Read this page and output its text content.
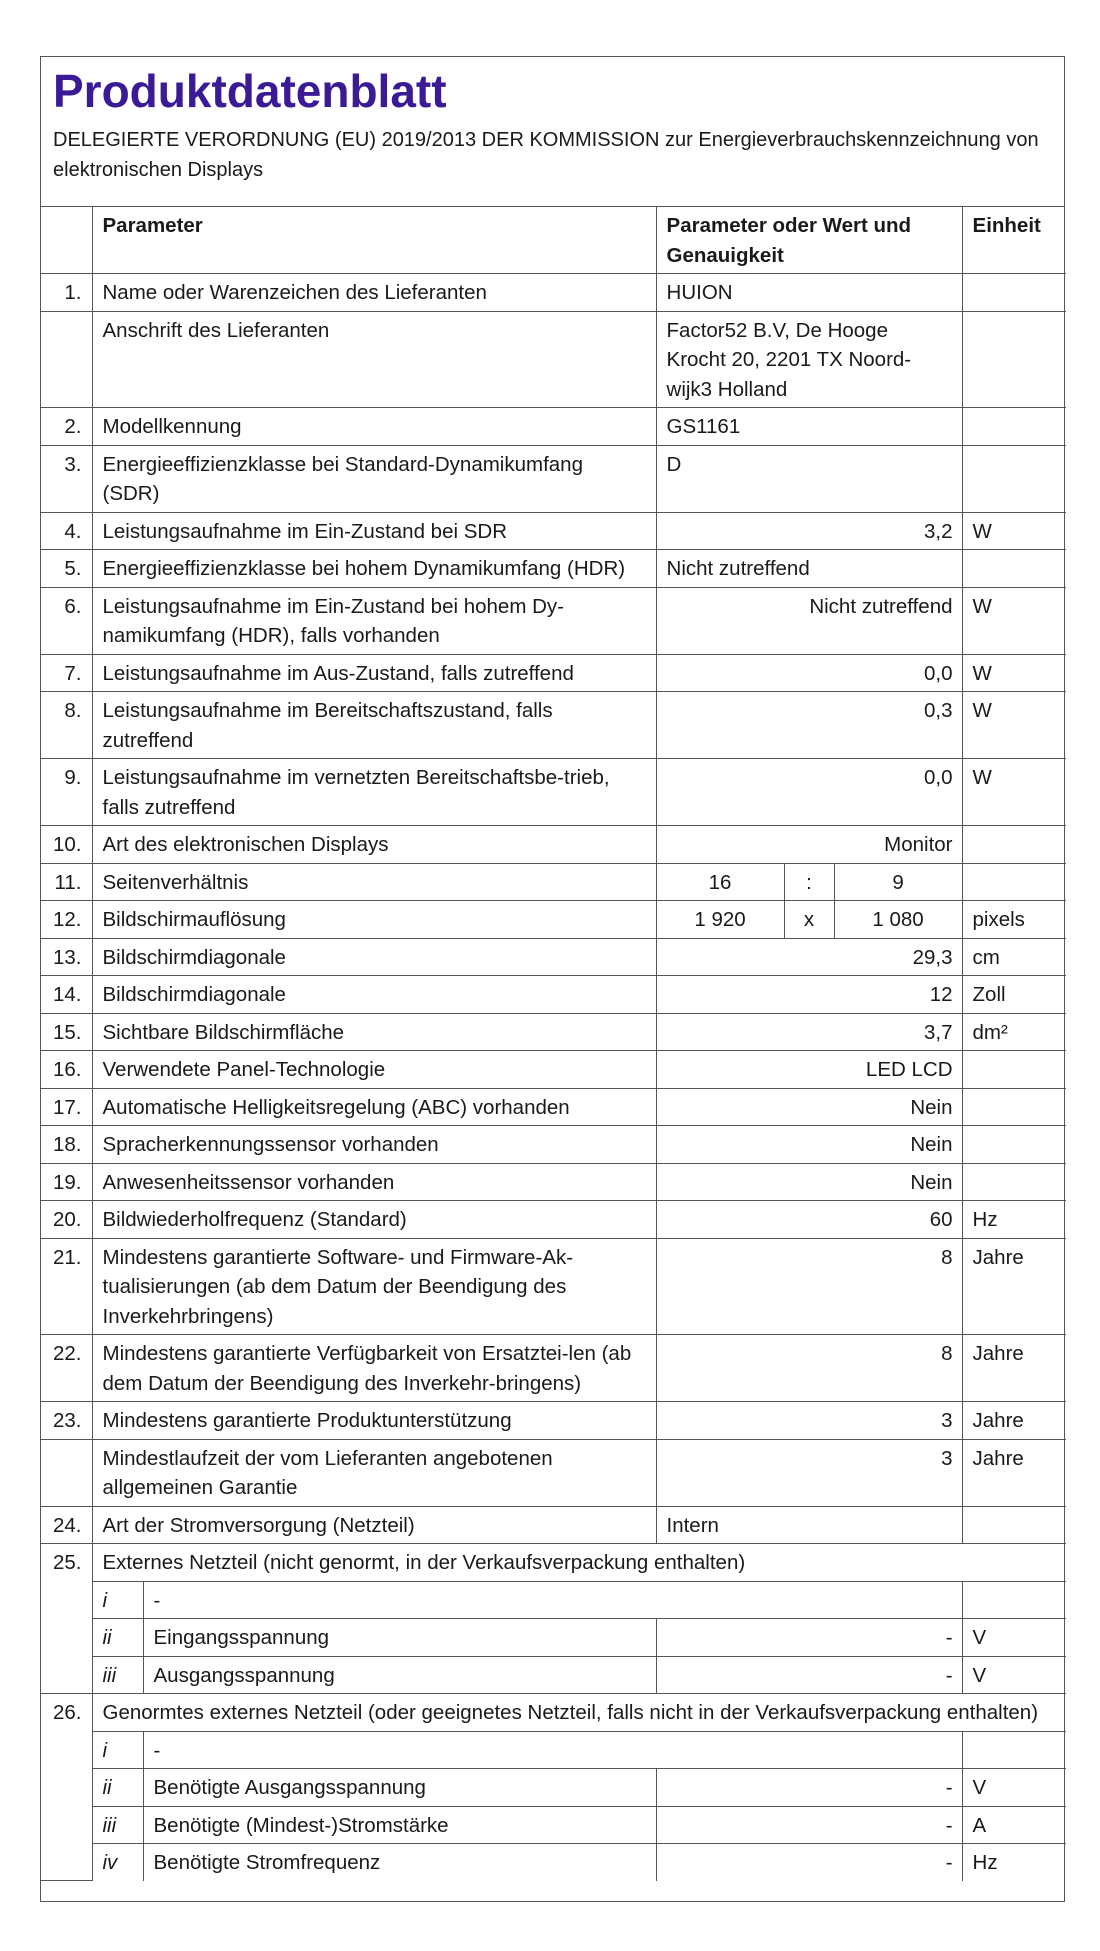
Produktdatenblatt
DELEGIERTE VERORDNUNG (EU) 2019/2013 DER KOMMISSION zur Energieverbrauchskennzeichnung von elektronischen Displays
	Parameter		Parameter oder Wert und Genauigkeit			Einheit
1.	Name oder Warenzeichen des Lieferanten		HUION			
	Anschrift des Lieferanten		Factor52 B.V, De Hooge Krocht 20, 2201 TX Noord-wijk3 Holland			
2.	Modellkennung		GS1161			
3.	Energieeffizienzklasse bei Standard-Dynamikumfang (SDR)		D			
4.	Leistungsaufnahme im Ein-Zustand bei SDR		3,2			W
5.	Energieeffizienzklasse bei hohem Dynamikumfang (HDR)		Nicht zutreffend			
6.	Leistungsaufnahme im Ein-Zustand bei hohem Dy-namikumfang (HDR), falls vorhanden		Nicht zutreffend			W
7.	Leistungsaufnahme im Aus-Zustand, falls zutreffend		0,0			W
8.	Leistungsaufnahme im Bereitschaftszustand, falls zutreffend		0,3			W
9.	Leistungsaufnahme im vernetzten Bereitschaftsbe-trieb, falls zutreffend		0,0			W
10.	Art des elektronischen Displays		Monitor			
11.	Seitenverhältnis		16	:	9	
12.	Bildschirmauflösung		1 920	x	1 080	pixels
13.	Bildschirmdiagonale		29,3			cm
14.	Bildschirmdiagonale		12			Zoll
15.	Sichtbare Bildschirmfläche		3,7			dm²
16.	Verwendete Panel-Technologie		LED LCD			
17.	Automatische Helligkeitsregelung (ABC) vorhanden		Nein			
18.	Spracherkennungssensor vorhanden		Nein			
19.	Anwesenheitssensor vorhanden		Nein			
20.	Bildwiederholfrequenz (Standard)		60			Hz
21.	Mindestens garantierte Software- und Firmware-Ak-tualisierungen (ab dem Datum der Beendigung des Inverkehrbringens)		8			Jahre
22.	Mindestens garantierte Verfügbarkeit von Ersatztei-len (ab dem Datum der Beendigung des Inverkehr-bringens)		8			Jahre
23.	Mindestens garantierte Produktunterstützung		3			Jahre
	Mindestlaufzeit der vom Lieferanten angebotenen allgemeinen Garantie		3			Jahre
24.	Art der Stromversorgung (Netzteil)		Intern			
25.	Externes Netzteil (nicht genormt, in der Verkaufsverpackung enthalten)					
	i	-				
	ii	Eingangsspannung	-			V
	iii	Ausgangsspannung	-			V
26.	Genormtes externes Netzteil (oder geeignetes Netzteil, falls nicht in der Verkaufsverpackung enthalten)					
	i	-				
	ii	Benötigte Ausgangsspannung	-			V
	iii	Benötigte (Mindest-)Stromstärke	-			A
	iv	Benötigte Stromfrequenz	-			Hz
